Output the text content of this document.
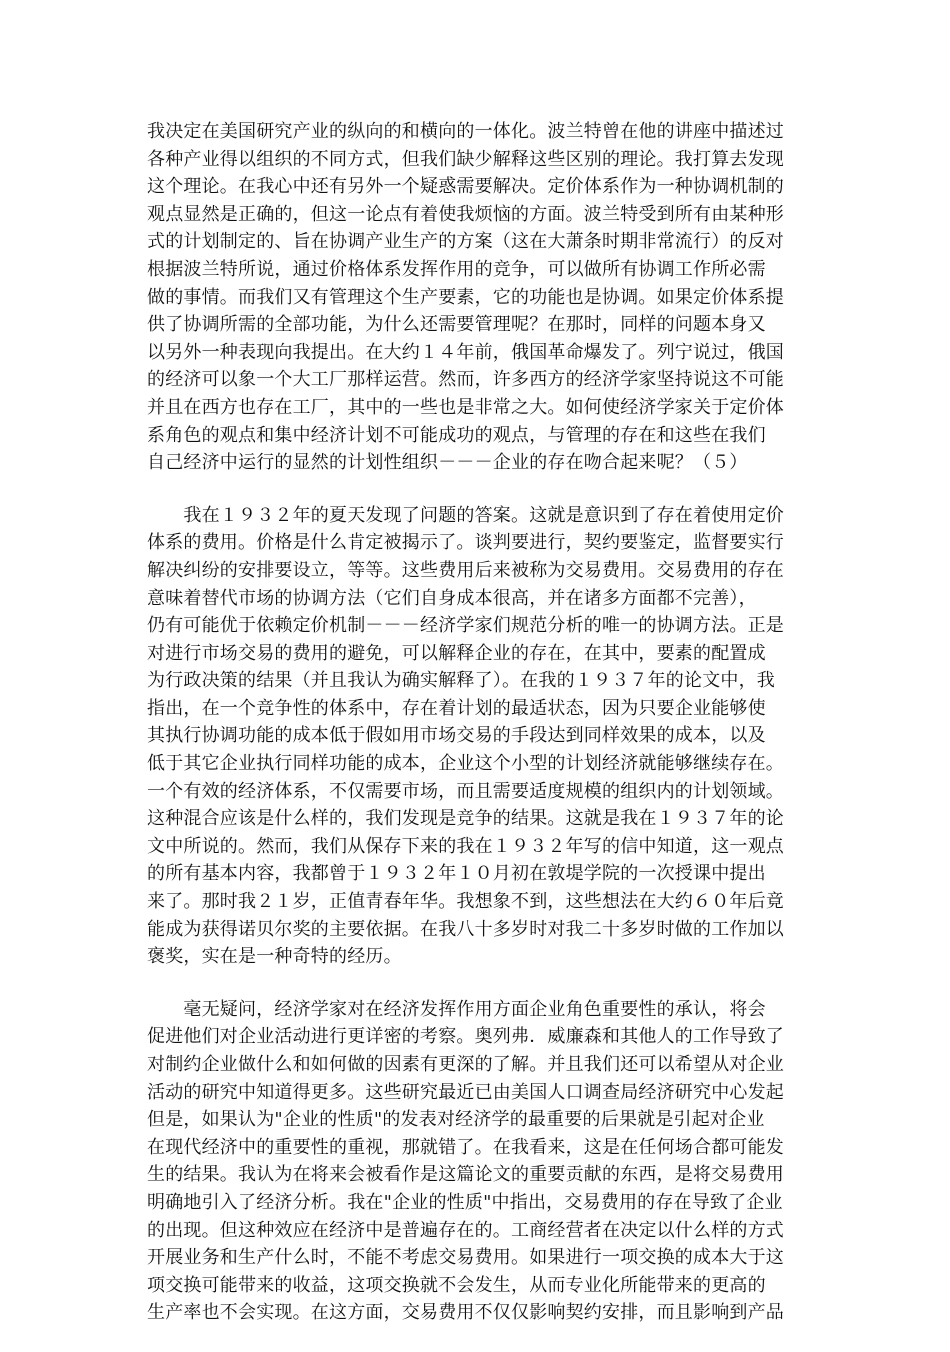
我决定在美国研究产业的纵向的和横向的一体化。波兰特曾在他的讲座中描述过
各种产业得以组织的不同方式，但我们缺少解释这些区别的理论。我打算去发现
这个理论。在我心中还有另外一个疑惑需要解决。定价体系作为一种协调机制的
观点显然是正确的，但这一论点有着使我烦恼的方面。波兰特受到所有由某种形
式的计划制定的、旨在协调产业生产的方案（这在大萧条时期非常流行）的反对
根据波兰特所说，通过价格体系发挥作用的竞争，可以做所有协调工作所必需
做的事情。而我们又有管理这个生产要素，它的功能也是协调。如果定价体系提
供了协调所需的全部功能，为什么还需要管理呢？在那时，同样的问题本身又
以另外一种表现向我提出。在大约１４年前，俄国革命爆发了。列宁说过，俄国
的经济可以象一个大工厂那样运营。然而，许多西方的经济学家坚持说这不可能
并且在西方也存在工厂，其中的一些也是非常之大。如何使经济学家关于定价体
系角色的观点和集中经济计划不可能成功的观点，与管理的存在和这些在我们
自己经济中运行的显然的计划性组织－－－企业的存在吻合起来呢？（５）

　　我在１９３２年的夏天发现了问题的答案。这就是意识到了存在着使用定价
体系的费用。价格是什么肯定被揭示了。谈判要进行，契约要鉴定，监督要实行
解决纠纷的安排要设立，等等。这些费用后来被称为交易费用。交易费用的存在
意味着替代市场的协调方法（它们自身成本很高，并在诸多方面都不完善），
仍有可能优于依赖定价机制－－－经济学家们规范分析的唯一的协调方法。正是
对进行市场交易的费用的避免，可以解释企业的存在，在其中，要素的配置成
为行政决策的结果（并且我认为确实解释了）。在我的１９３７年的论文中，我
指出，在一个竞争性的体系中，存在着计划的最适状态，因为只要企业能够使
其执行协调功能的成本低于假如用市场交易的手段达到同样效果的成本，以及
低于其它企业执行同样功能的成本，企业这个小型的计划经济就能够继续存在。
一个有效的经济体系，不仅需要市场，而且需要适度规模的组织内的计划领域。
这种混合应该是什么样的，我们发现是竞争的结果。这就是我在１９３７年的论
文中所说的。然而，我们从保存下来的我在１９３２年写的信中知道，这一观点
的所有基本内容，我都曾于１９３２年１０月初在敦堤学院的一次授课中提出
来了。那时我２１岁，正值青春年华。我想象不到，这些想法在大约６０年后竟
能成为获得诺贝尔奖的主要依据。在我八十多岁时对我二十多岁时做的工作加以
褒奖，实在是一种奇特的经历。

　　毫无疑问，经济学家对在经济发挥作用方面企业角色重要性的承认，将会
促进他们对企业活动进行更详密的考察。奥列弗．威廉森和其他人的工作导致了
对制约企业做什么和如何做的因素有更深的了解。并且我们还可以希望从对企业
活动的研究中知道得更多。这些研究最近已由美国人口调查局经济研究中心发起
但是，如果认为"企业的性质"的发表对经济学的最重要的后果就是引起对企业
在现代经济中的重要性的重视，那就错了。在我看来，这是在任何场合都可能发
生的结果。我认为在将来会被看作是这篇论文的重要贡献的东西，是将交易费用
明确地引入了经济分析。我在"企业的性质"中指出，交易费用的存在导致了企业
的出现。但这种效应在经济中是普遍存在的。工商经营者在决定以什么样的方式
开展业务和生产什么时，不能不考虑交易费用。如果进行一项交换的成本大于这
项交换可能带来的收益，这项交换就不会发生，从而专业化所能带来的更高的
生产率也不会实现。在这方面，交易费用不仅仅影响契约安排，而且影响到产品
